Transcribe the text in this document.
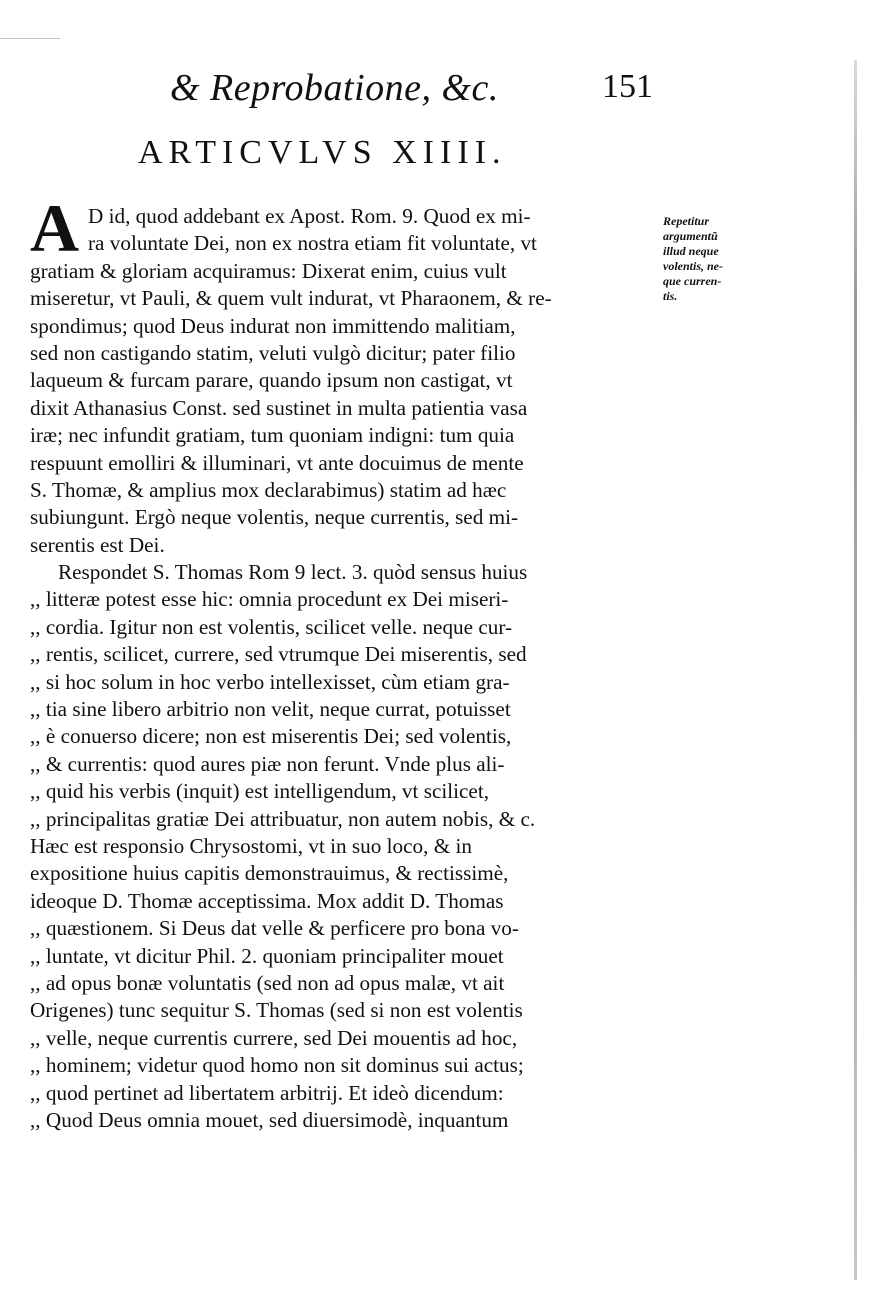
& Reprobatione, &c.	151
ARTICVLVS XIIII.
A D id, quod addebant ex Apost. Rom. 9. Quod ex mi-
ra voluntate Dei, non ex nostra etiam fit voluntate, vt
gratiam & gloriam acquiramus: Dixerat enim, cuius vult
miseretur, vt Pauli, & quem vult indurat, vt Pharaonem, & re-
spondimus; quod Deus indurat non immittendo malitiam,
sed non castigando statim, veluti vulgò dicitur; pater filio
laqueum & furcam parare, quando ipsum non castigat, vt
dixit Athanasius Const. sed sustinet in multa patientia vasa
iræ; nec infundit gratiam, tum quoniam indigni: tum quia
respuunt emolliri & illuminari, vt ante docuimus de mente
S. Thomæ, & amplius mox declarabimus) statim ad hæc
subiungunt. Ergò neque volentis, neque currentis, sed mi-
serentis est Dei.
Respondet S. Thomas Rom 9 lect. 3. quòd sensus huius
,, litteræ potest esse hic: omnia procedunt ex Dei miseri-
,, cordia. Igitur non est volentis, scilicet velle. neque cur-
,, rentis, scilicet, currere, sed vtrumque Dei miserentis, sed
,, si hoc solum in hoc verbo intellexisset, cùm etiam gra-
,, tia sine libero arbitrio non velit, neque currat, potuisset
,, è conuerso dicere; non est miserentis Dei; sed volentis,
,, & currentis: quod aures piæ non ferunt. Vnde plus ali-
,, quid his verbis (inquit) est intelligendum, vt scilicet,
,, principalitas gratiæ Dei attribuatur, non autem nobis, & c.
Hæc est responsio Chrysostomi, vt in suo loco, & in
expositione huius capitis demonstrauimus, & rectissimè,
ideoque D. Thomæ acceptissima. Mox addit D. Thomas
,, quæstionem. Si Deus dat velle & perficere pro bona vo-
,, luntate, vt dicitur Phil. 2. quoniam principaliter mouet
,, ad opus bonæ voluntatis (sed non ad opus malæ, vt ait
Origenes) tunc sequitur S. Thomas (sed si non est volentis
,, velle, neque currentis currere, sed Dei mouentis ad hoc,
,, hominem; videtur quod homo non sit dominus sui actus;
,, quod pertinet ad libertatem arbitrij. Et ideò dicendum:
,, Quod Deus omnia mouet, sed diuersimodè, inquantum
Repetitur
argumentũ
illud neque
volentis, ne-
que curren-
tis.
